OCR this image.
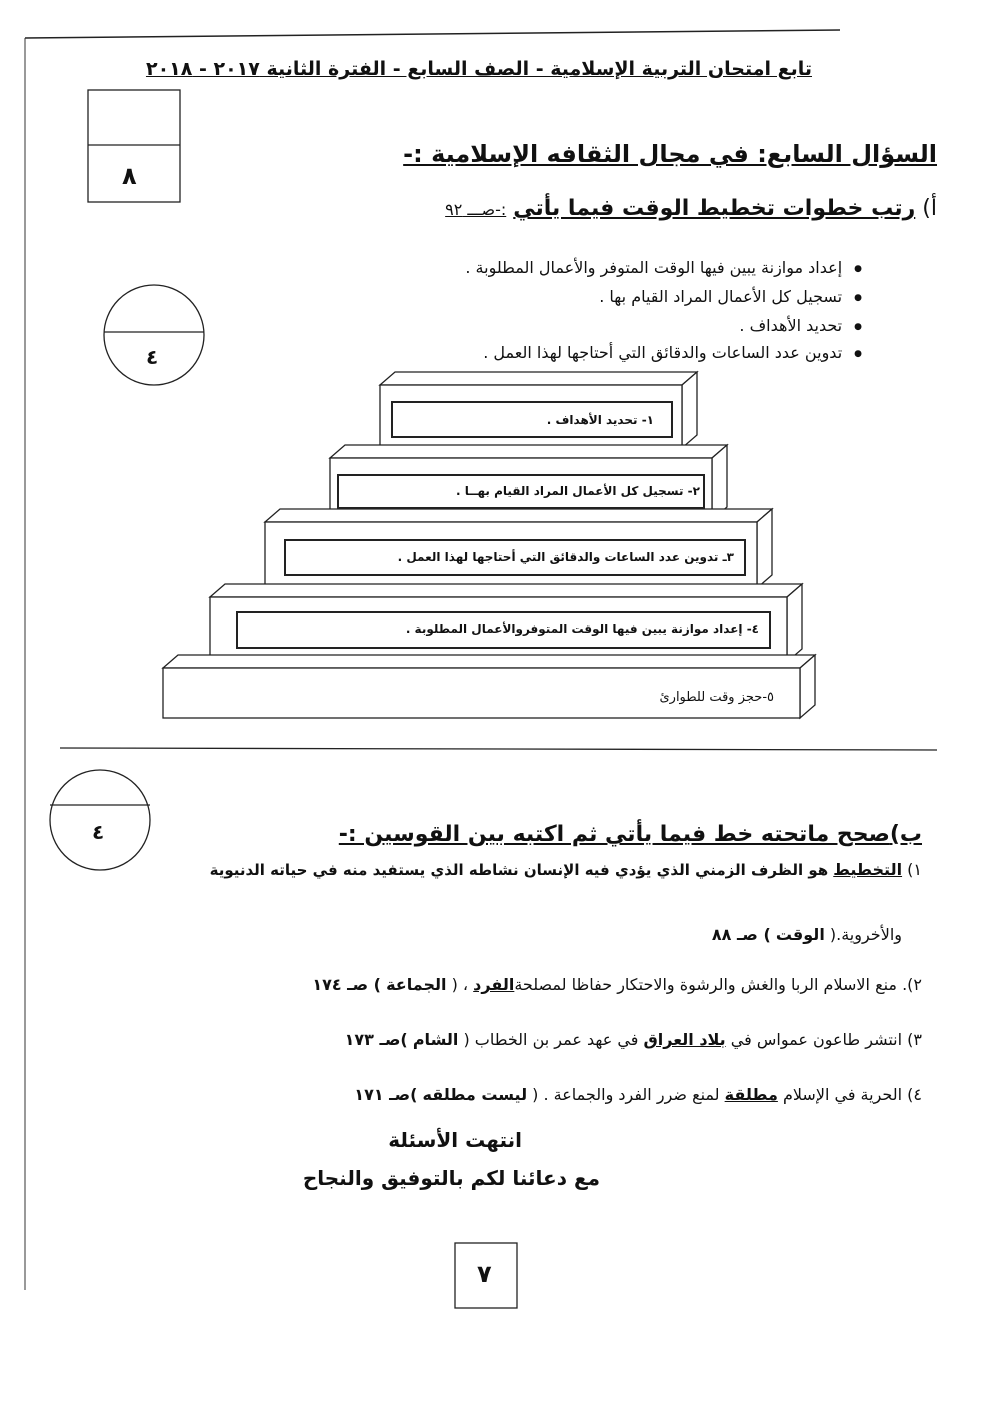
تابع امتحان التربية الإسلامية - الصف السابع - الفترة الثانية ٢٠١٧ - ٢٠١٨
٨
السؤال السابع: في مجال الثقافه الإسلامية :-
أ) رتب خطوات تخطيط الوقت فيما يأتي :-صـــ ٩٢
٤
● إعداد موازنة يبين فيها الوقت المتوفر والأعمال المطلوبة .
● تسجيل كل الأعمال المراد القيام بها .
● تحديد الأهداف .
● تدوين عدد الساعات والدقائق التي أحتاجها لهذا العمل .
١- تحديد الأهداف .
٢- تسجيل كل الأعمال المراد القيام بهــا .
٣ـ تدوين عدد الساعات والدقائق التي أحتاجها لهذا العمل .
٤- إعداد موازنة يبين فيها الوقت المتوفروالأعمال المطلوبة .
٥-حجز وقت للطوارئ
٤	ب)صحح ماتحته خط فيما يأتي ثم اكتبه بين القوسين :-
١) التخطيط هو الظرف الزمني الذي يؤدي فيه الإنسان نشاطه الذي يستفيد منه في حياته الدنيوية
والأخروية.( الوقت ) صـ ٨٨
٢). منع الاسلام الربا والغش والرشوة والاحتكار حفاظا لمصلحةالفرد ، ( الجماعة ) صـ ١٧٤
٣) انتشر طاعون عمواس في بلاد العراق في عهد عمر بن الخطاب ( الشام )صـ ١٧٣
٤) الحرية في الإسلام مطلقة لمنع ضرر الفرد والجماعة . ( ليست مطلقه )صـ ١٧١
انتهت الأسئلة
مع دعائنا لكم بالتوفيق والنجاح
٧
